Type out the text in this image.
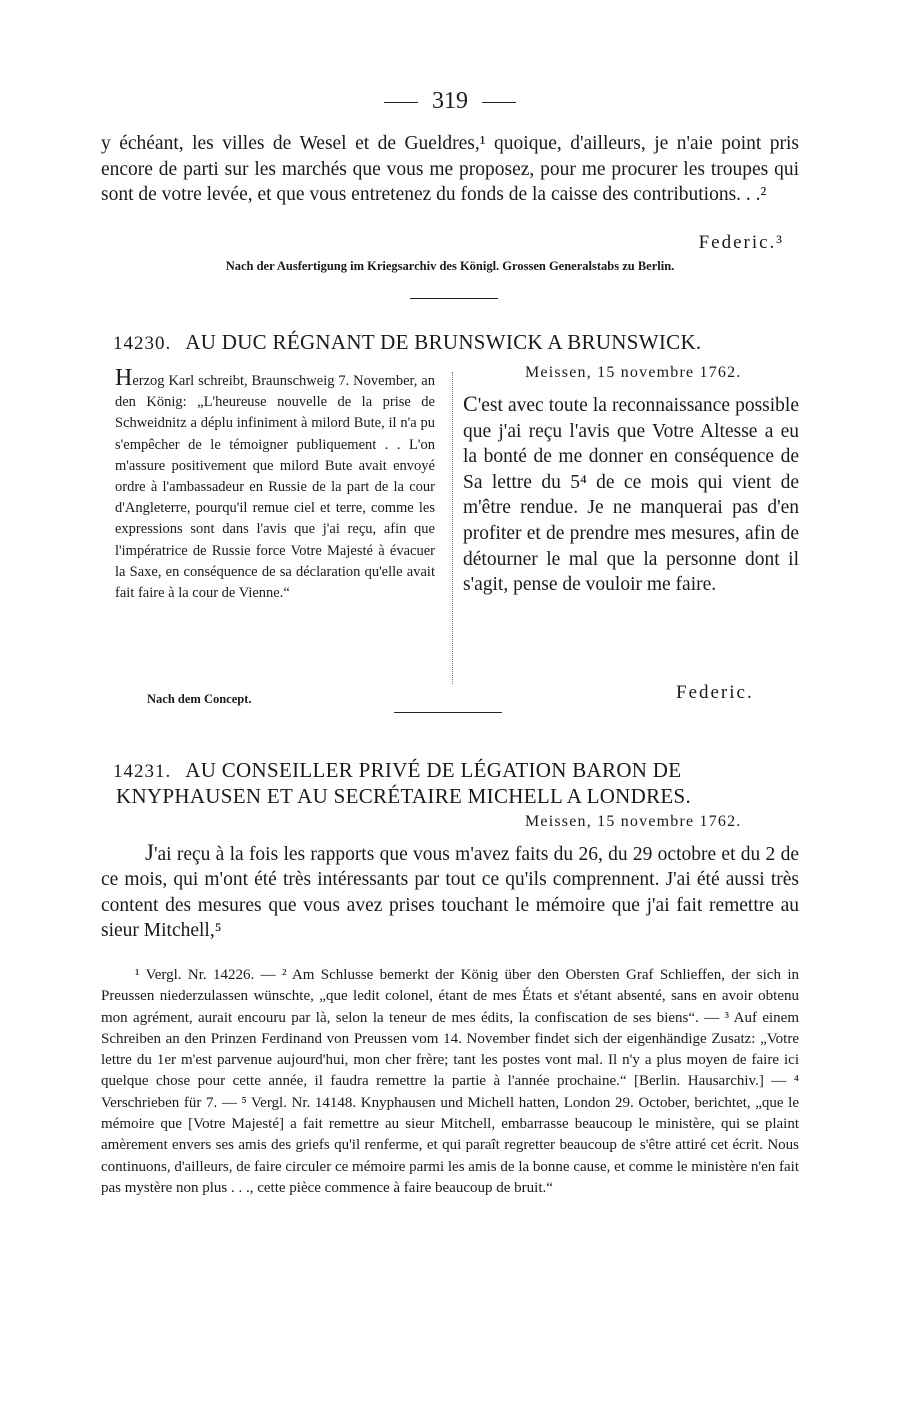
319
y échéant, les villes de Wesel et de Gueldres,¹ quoique, d'ailleurs, je n'aie point pris encore de parti sur les marchés que vous me proposez, pour me procurer les troupes qui sont de votre levée, et que vous entretenez du fonds de la caisse des contributions. . .²
Federic.³
Nach der Ausfertigung im Kriegsarchiv des Königl. Grossen Generalstabs zu Berlin.
14230. AU DUC RÉGNANT DE BRUNSWICK A BRUNSWICK.
Herzog Karl schreibt, Braunschweig 7. November, an den König: „L'heureuse nouvelle de la prise de Schweidnitz a déplu infiniment à milord Bute, il n'a pu s'empêcher de le témoigner publiquement . . L'on m'assure positivement que milord Bute avait envoyé ordre à l'ambassadeur en Russie de la part de la cour d'Angleterre, pourqu'il remue ciel et terre, comme les expressions sont dans l'avis que j'ai reçu, afin que l'impératrice de Russie force Votre Majesté à évacuer la Saxe, en conséquence de sa déclaration qu'elle avait fait faire à la cour de Vienne.“
Nach dem Concept.
Meissen, 15 novembre 1762.
C'est avec toute la reconnaissance possible que j'ai reçu l'avis que Votre Altesse a eu la bonté de me donner en conséquence de Sa lettre du 5⁴ de ce mois qui vient de m'être rendue. Je ne manquerai pas d'en profiter et de prendre mes mesures, afin de détourner le mal que la personne dont il s'agit, pense de vouloir me faire.
Federic.
14231. AU CONSEILLER PRIVÉ DE LÉGATION BARON DE
KNYPHAUSEN ET AU SECRÉTAIRE MICHELL A LONDRES.
Meissen, 15 novembre 1762.
J'ai reçu à la fois les rapports que vous m'avez faits du 26, du 29 octobre et du 2 de ce mois, qui m'ont été très intéressants par tout ce qu'ils comprennent. J'ai été aussi très content des mesures que vous avez prises touchant le mémoire que j'ai fait remettre au sieur Mitchell,⁵
¹ Vergl. Nr. 14226. — ² Am Schlusse bemerkt der König über den Obersten Graf Schlieffen, der sich in Preussen niederzulassen wünschte, „que ledit colonel, étant de mes États et s'étant absenté, sans en avoir obtenu mon agrément, aurait encouru par là, selon la teneur de mes édits, la confiscation de ses biens“. — ³ Auf einem Schreiben an den Prinzen Ferdinand von Preussen vom 14. November findet sich der eigenhändige Zusatz: „Votre lettre du 1er m'est parvenue aujourd'hui, mon cher frère; tant les postes vont mal. Il n'y a plus moyen de faire ici quelque chose pour cette année, il faudra remettre la partie à l'année prochaine.“ [Berlin. Hausarchiv.] — ⁴ Verschrieben für 7. — ⁵ Vergl. Nr. 14148. Knyphausen und Michell hatten, London 29. October, berichtet, „que le mémoire que [Votre Majesté] a fait remettre au sieur Mitchell, embarrasse beaucoup le ministère, qui se plaint amèrement envers ses amis des griefs qu'il renferme, et qui paraît regretter beaucoup de s'être attiré cet écrit. Nous continuons, d'ailleurs, de faire circuler ce mémoire parmi les amis de la bonne cause, et comme le ministère n'en fait pas mystère non plus . . ., cette pièce commence à faire beaucoup de bruit.“
